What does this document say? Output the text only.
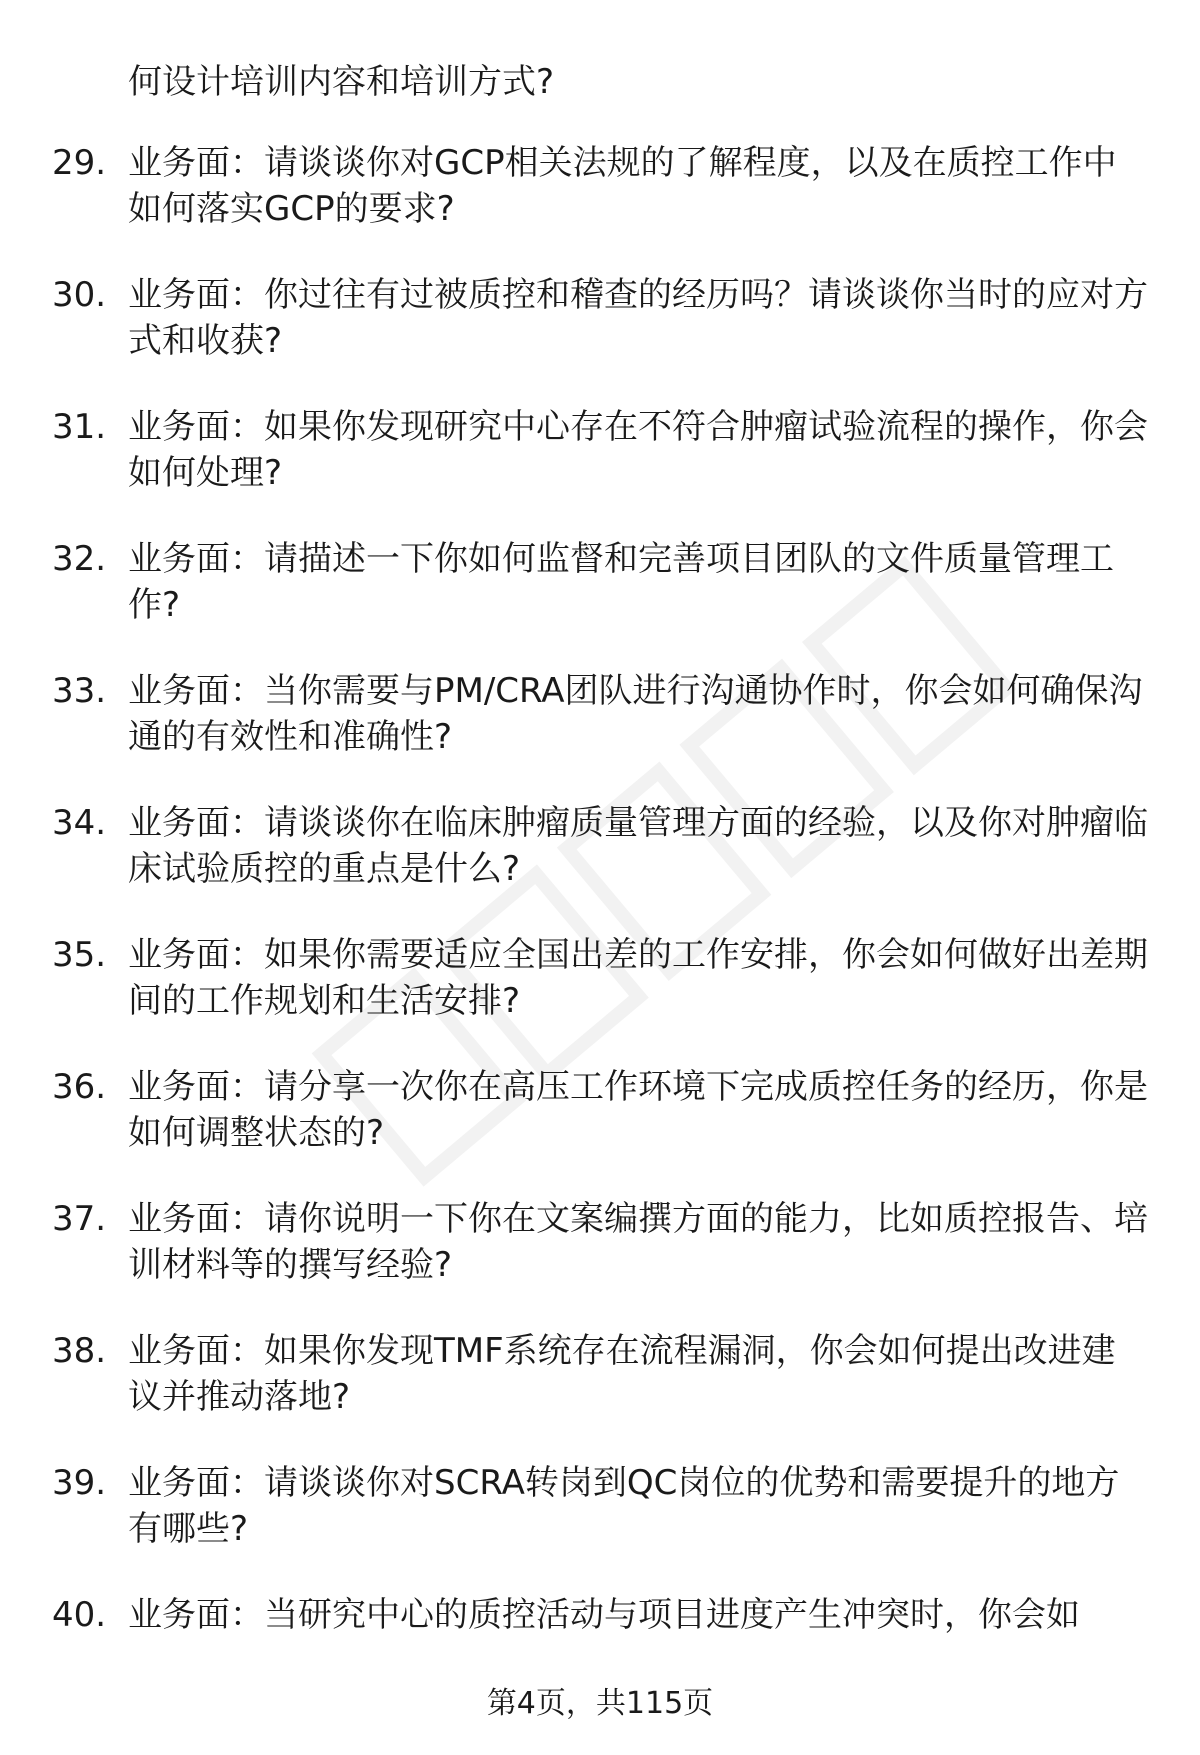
何设计培训内容和培训方式?

29. 业务面：请谈谈你对GCP相关法规的了解程度，以及在质控工作中如何落实GCP的要求?

30. 业务面：你过往有过被质控和稽查的经历吗？请谈谈你当时的应对方式和收获?

31. 业务面：如果你发现研究中心存在不符合肿瘤试验流程的操作，你会如何处理?

32. 业务面：请描述一下你如何监督和完善项目团队的文件质量管理工作?

33. 业务面：当你需要与PM/CRA团队进行沟通协作时，你会如何确保沟通的有效性和准确性?

34. 业务面：请谈谈你在临床肿瘤质量管理方面的经验，以及你对肿瘤临床试验质控的重点是什么?

35. 业务面：如果你需要适应全国出差的工作安排，你会如何做好出差期间的工作规划和生活安排?

36. 业务面：请分享一次你在高压工作环境下完成质控任务的经历，你是如何调整状态的?

37. 业务面：请你说明一下你在文案编撰方面的能力，比如质控报告、培训材料等的撰写经验?

38. 业务面：如果你发现TMF系统存在流程漏洞，你会如何提出改进建议并推动落地?

39. 业务面：请谈谈你对SCRA转岗到QC岗位的优势和需要提升的地方有哪些?

40. 业务面：当研究中心的质控活动与项目进度产生冲突时，你会如

第4页，共115页
